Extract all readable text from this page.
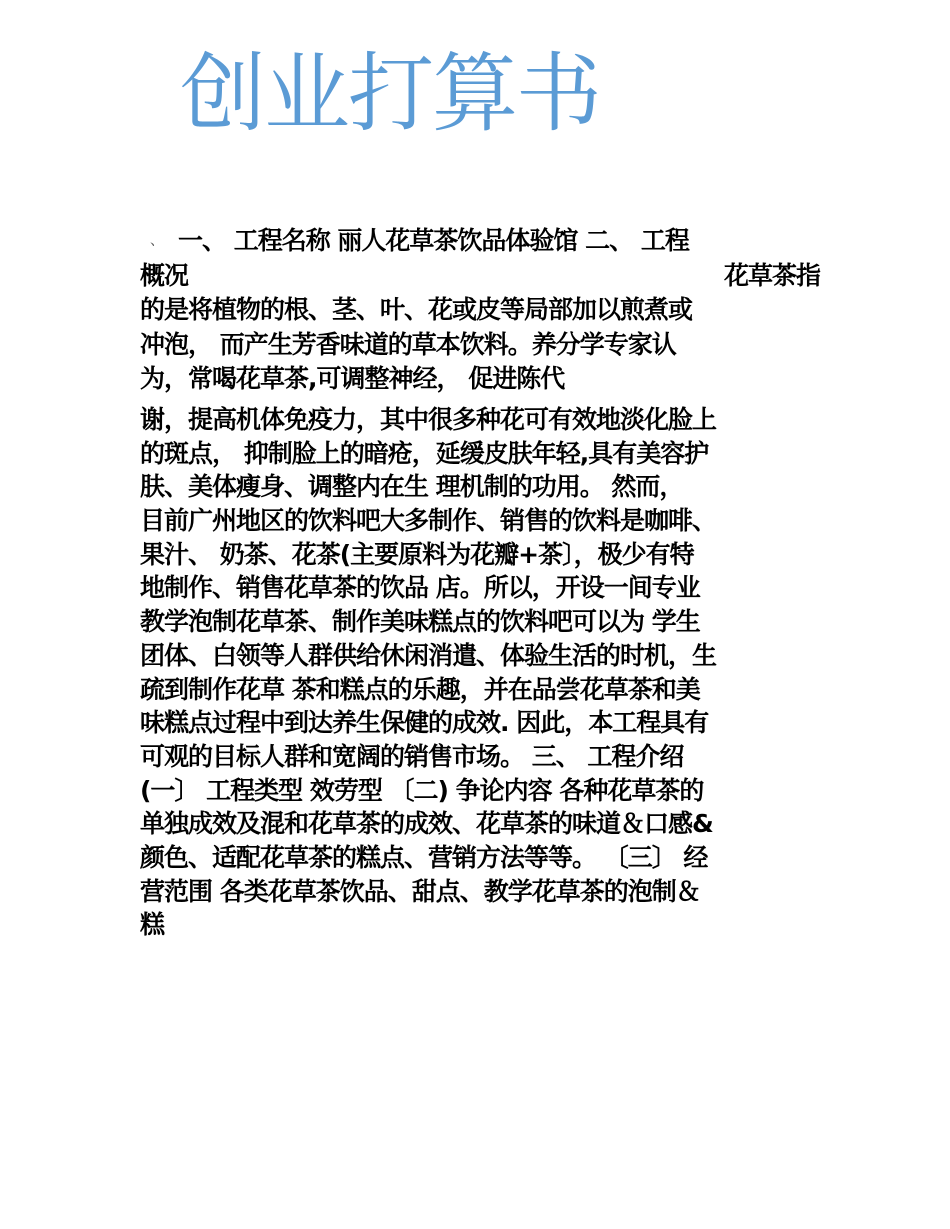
创业打算书
、 一、 工程名称 丽人花草茶饮品体验馆 二、 工程
概况	花草茶指
的是将植物的根、茎、叶、花或皮等局部加以煎煮或
冲泡， 而产生芳香味道的草本饮料。养分学专家认
为，常喝花草茶,可调整神经， 促进陈代
谢，提高机体免疫力，其中很多种花可有效地淡化脸上
的斑点， 抑制脸上的暗疮，延缓皮肤年轻,具有美容护
肤、美体瘦身、调整内在生 理机制的功用。 然而，
目前广州地区的饮料吧大多制作、销售的饮料是咖啡、
果汁、 奶茶、花茶(主要原料为花瓣+茶〕，极少有特
地制作、销售花草茶的饮品 店。所以，开设一间专业
教学泡制花草茶、制作美味糕点的饮料吧可以为 学生
团体、白领等人群供给休闲消遣、体验生活的时机，生
疏到制作花草 茶和糕点的乐趣，并在品尝花草茶和美
味糕点过程中到达养生保健的成效. 因此，本工程具有
可观的目标人群和宽阔的销售市场。 三、 工程介绍
(一〕 工程类型 效劳型 〔二) 争论内容 各种花草茶的
单独成效及混和花草茶的成效、花草茶的味道＆口感&
颜色、适配花草茶的糕点、营销方法等等。 〔三〕 经
营范围 各类花草茶饮品、甜点、教学花草茶的泡制＆
糕
